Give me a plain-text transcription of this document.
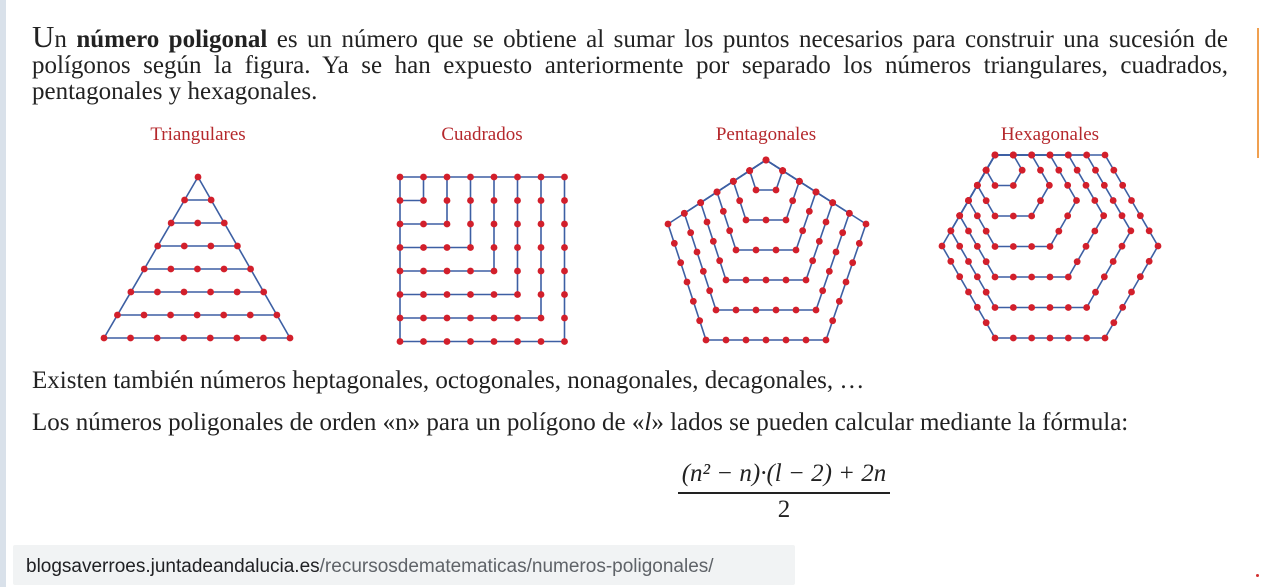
Un número poligonal es un número que se obtiene al sumar los puntos necesarios para construir una sucesión de polígonos según la figura. Ya se han expuesto anteriormente por separado los números triangulares, cuadrados, pentagonales y hexagonales.

Triangulares	Cuadrados	Pentagonales	Hexagonales

Existen también números heptagonales, octogonales, nonagonales, decagonales, …

Los números poligonales de orden «n» para un polígono de «l» lados se pueden calcular mediante la fórmula:

(n² − n)·(l − 2) + 2n
2
blogsaverroes.juntadeandalucia.es/recursosdematematicas/numeros-poligonales/
